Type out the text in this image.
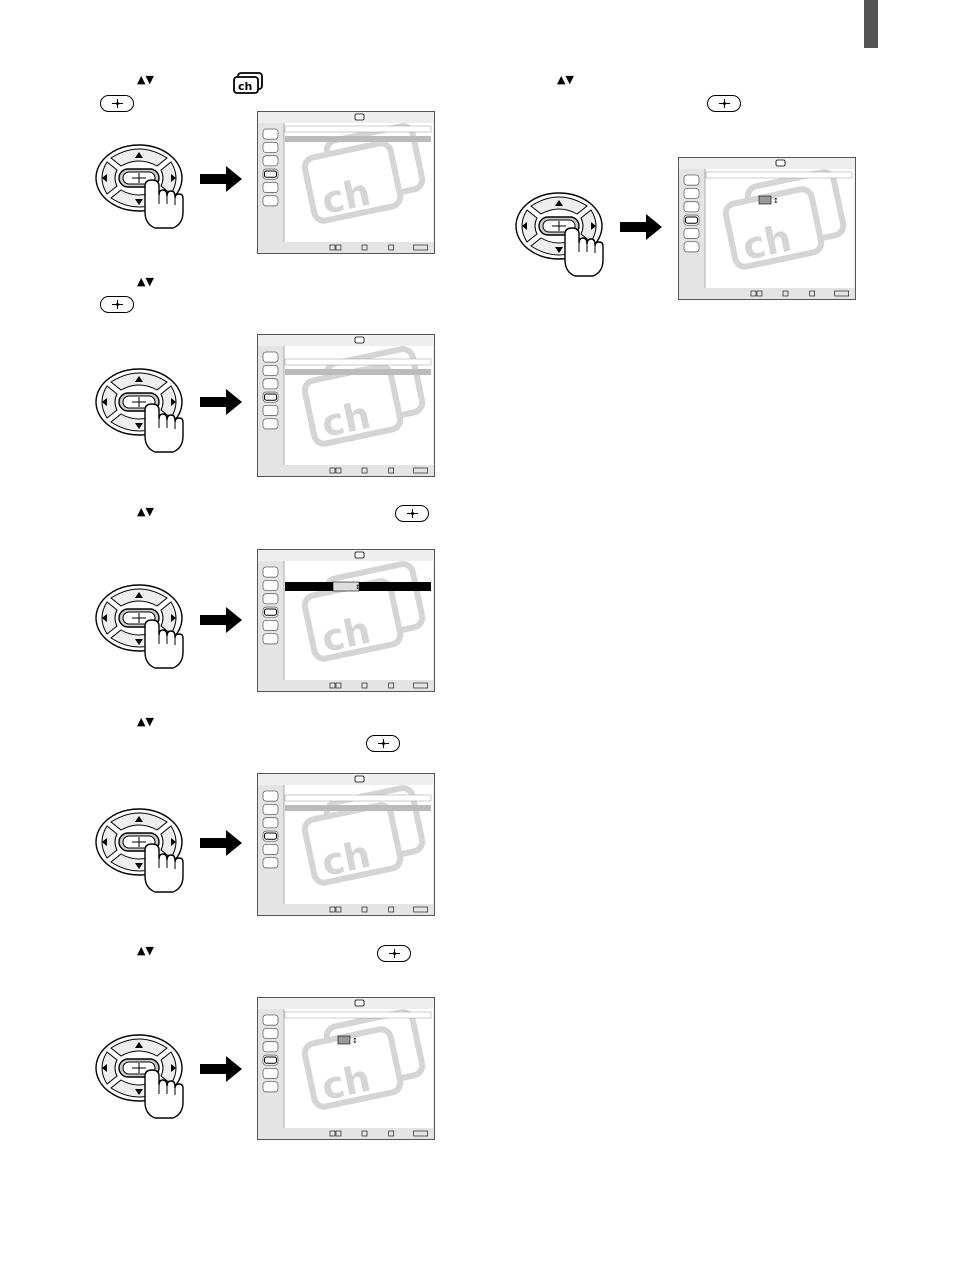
▲▼
ch
▲▼
▲▼
▲▼
▲▼
▲▼
ch
ch
ch
↕
ch
ch
↕
ch
↕
